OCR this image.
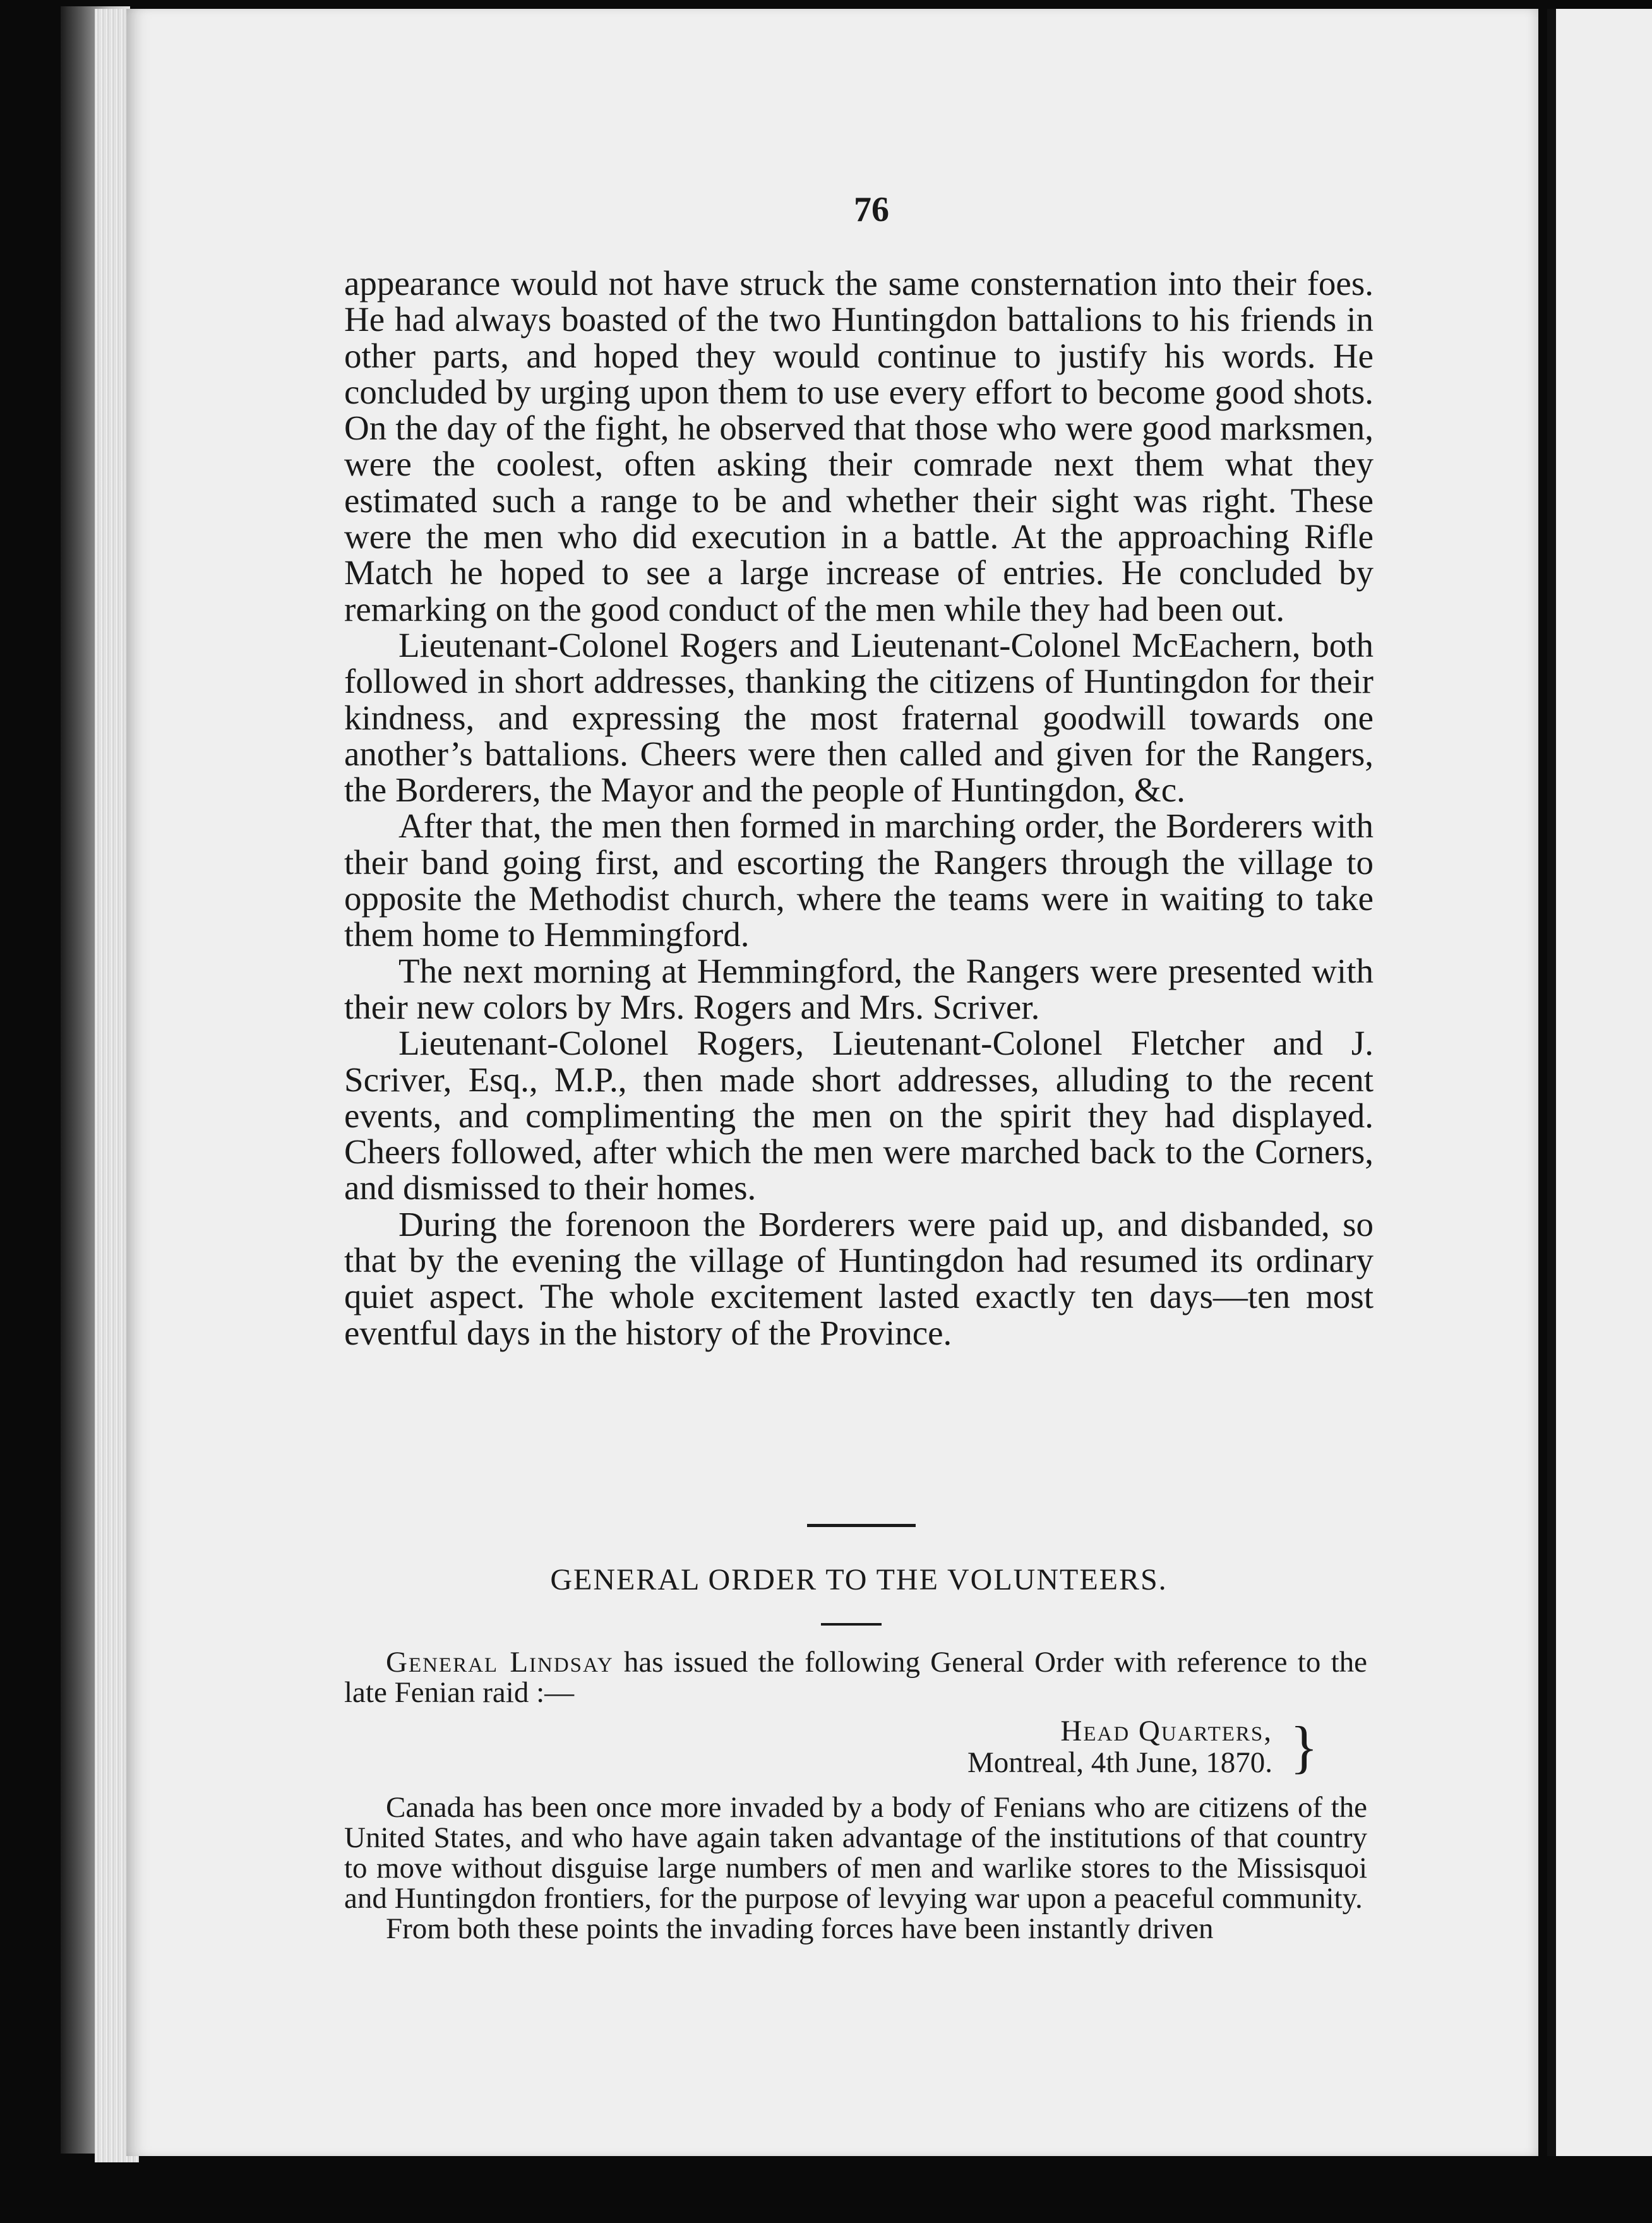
76

appearance would not have struck the same consternation into their foes. He had always boasted of the two Huntingdon battalions to his friends in other parts, and hoped they would continue to justify his words. He concluded by urging upon them to use every effort to become good shots. On the day of the fight, he observed that those who were good marksmen, were the coolest, often asking their comrade next them what they estimated such a range to be and whether their sight was right. These were the men who did execution in a battle. At the approaching Rifle Match he hoped to see a large increase of entries. He concluded by remarking on the good conduct of the men while they had been out.

Lieutenant-Colonel Rogers and Lieutenant-Colonel McEachern, both followed in short addresses, thanking the citizens of Huntingdon for their kindness, and expressing the most fraternal goodwill towards one another’s battalions. Cheers were then called and given for the Rangers, the Borderers, the Mayor and the people of Huntingdon, &c.

After that, the men then formed in marching order, the Borderers with their band going first, and escorting the Rangers through the village to opposite the Methodist church, where the teams were in waiting to take them home to Hemmingford.

The next morning at Hemmingford, the Rangers were presented with their new colors by Mrs. Rogers and Mrs. Scriver.

Lieutenant-Colonel Rogers, Lieutenant-Colonel Fletcher and J. Scriver, Esq., M.P., then made short addresses, alluding to the recent events, and complimenting the men on the spirit they had displayed. Cheers followed, after which the men were marched back to the Corners, and dismissed to their homes.

During the forenoon the Borderers were paid up, and disbanded, so that by the evening the village of Huntingdon had resumed its ordinary quiet aspect. The whole excitement lasted exactly ten days—ten most eventful days in the history of the Province.

GENERAL ORDER TO THE VOLUNTEERS.

General Lindsay has issued the following General Order with reference to the late Fenian raid :—

Head Quarters,
Montreal, 4th June, 1870. }

Canada has been once more invaded by a body of Fenians who are citizens of the United States, and who have again taken advantage of the institutions of that country to move without disguise large numbers of men and warlike stores to the Missisquoi and Huntingdon frontiers, for the purpose of levying war upon a peaceful community.

From both these points the invading forces have been instantly driven
